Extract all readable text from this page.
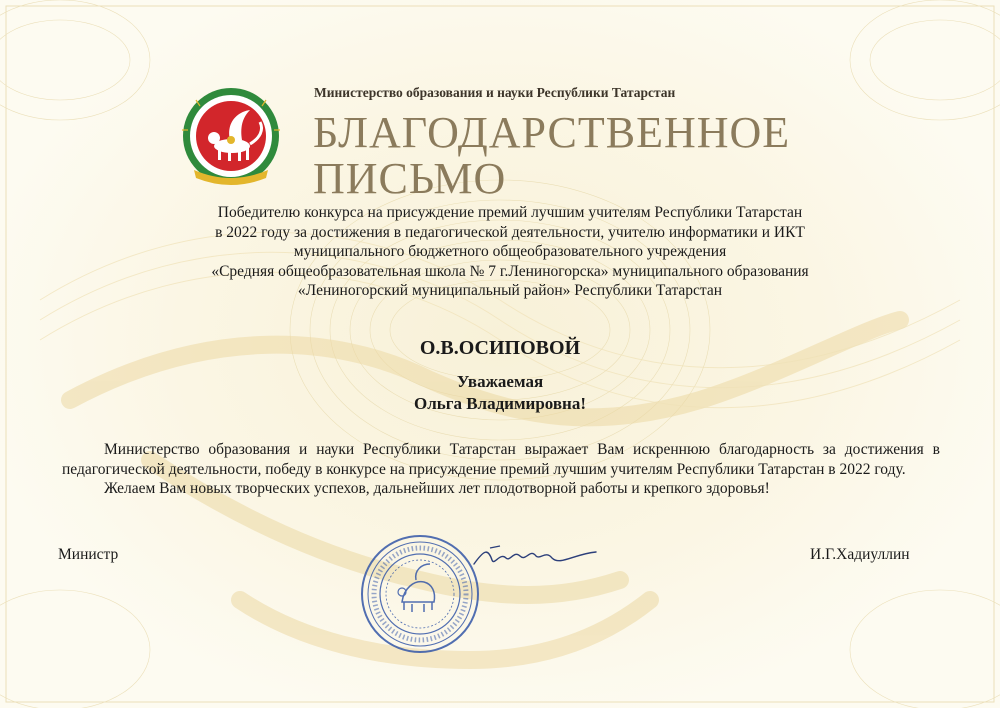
Министерство образования и науки Республики Татарстан
БЛАГОДАРСТВЕННОЕ
ПИСЬМО
Победителю конкурса на присуждение премий лучшим учителям Республики Татарстан
в 2022 году за достижения в педагогической деятельности, учителю информатики и ИКТ
муниципального бюджетного общеобразовательного учреждения
«Средняя общеобразовательная школа № 7 г.Лениногорска» муниципального образования
«Лениногорский муниципальный район» Республики Татарстан
О.В.ОСИПОВОЙ
Уважаемая
Ольга Владимировна!

Министерство образования и науки Республики Татарстан выражает Вам искреннюю благодарность за достижения в педагогической деятельности, победу в конкурсе на присуждение премий лучшим учителям Республики Татарстан в 2022 году.

Желаем Вам новых творческих успехов, дальнейших лет плодотворной работы и крепкого здоровья!

Министр	И.Г.Хадиуллин
